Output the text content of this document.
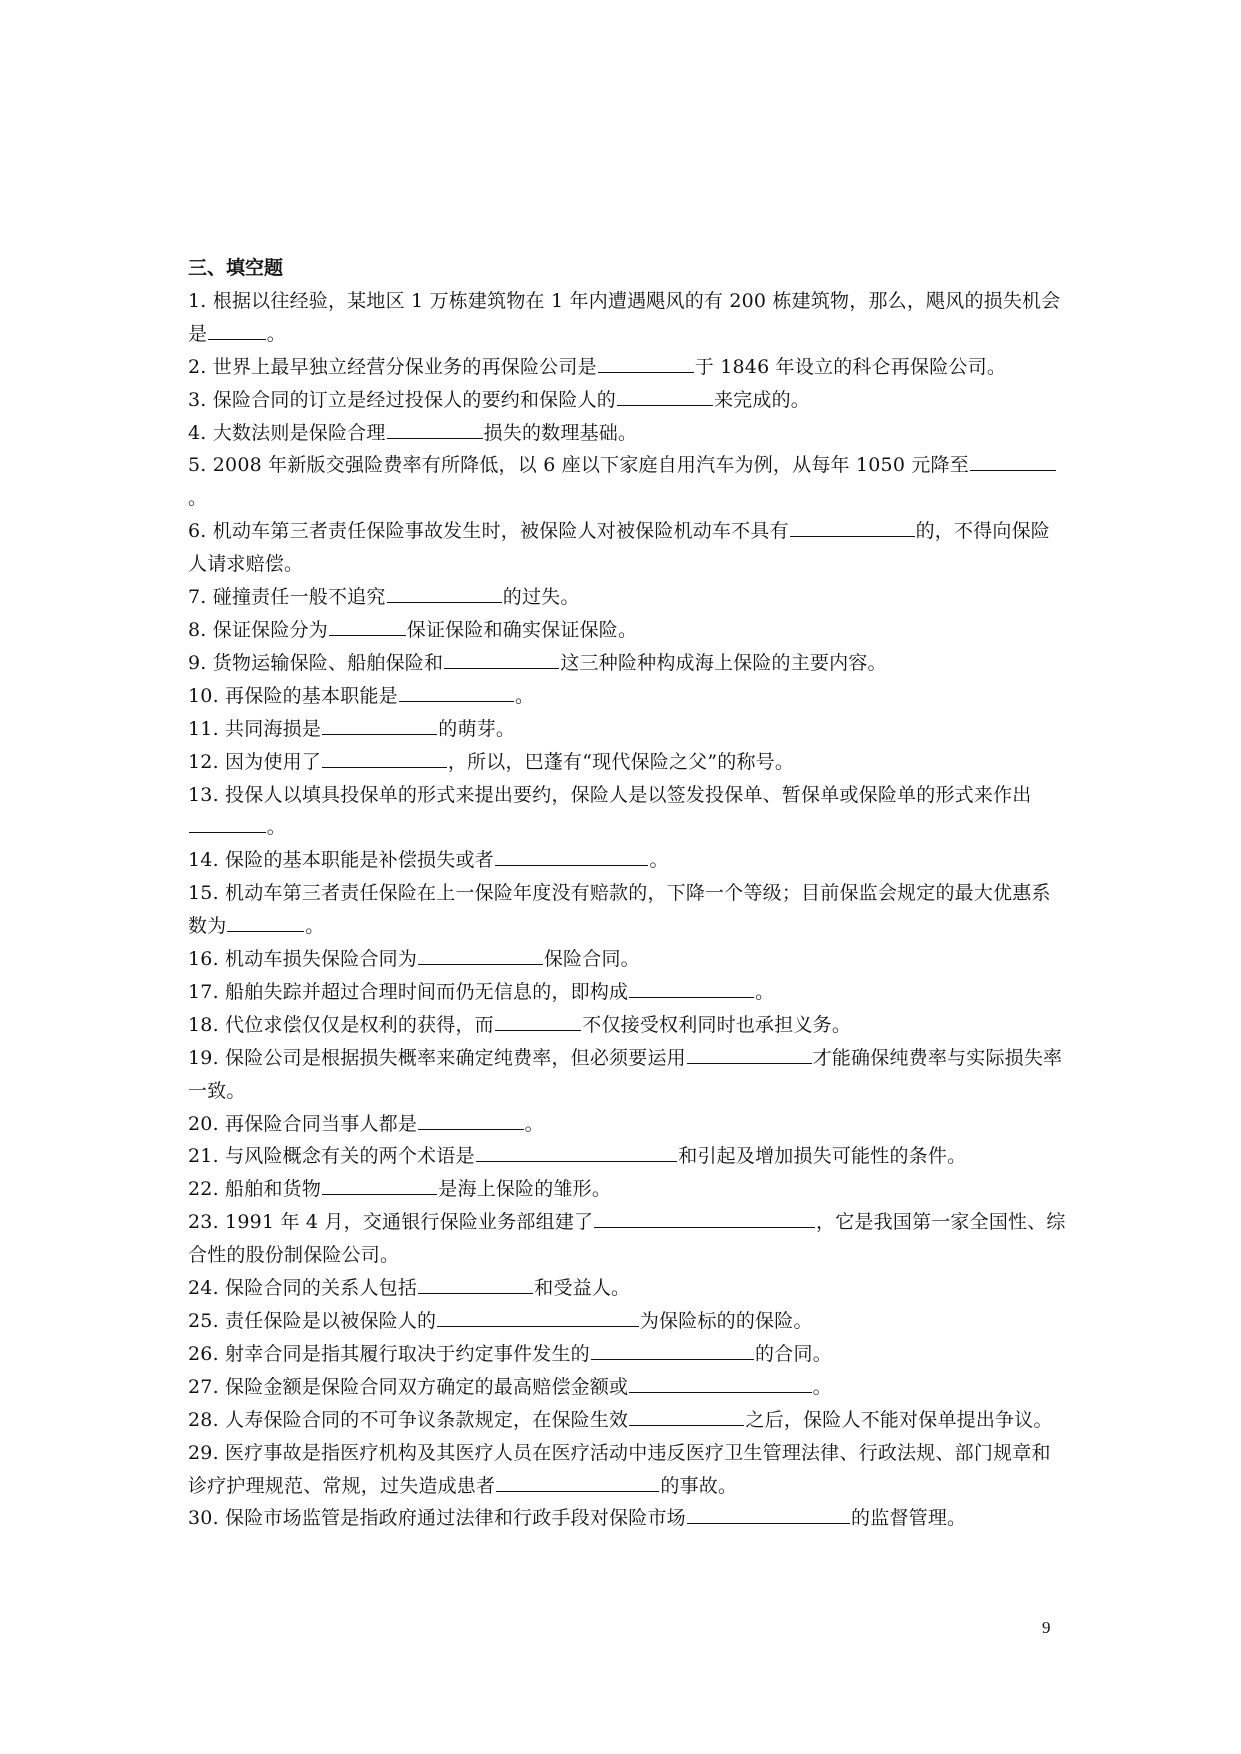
三、填空题

1. 根据以往经验，某地区 1 万栋建筑物在 1 年内遭遇飓风的有 200 栋建筑物，那么，飓风的损失机会是	。

2. 世界上最早独立经营分保业务的再保险公司是	于 1846 年设立的科仑再保险公司。

3. 保险合同的订立是经过投保人的要约和保险人的	来完成的。

4. 大数法则是保险合理	损失的数理基础。

5. 2008 年新版交强险费率有所降低，以 6 座以下家庭自用汽车为例，从每年 1050 元降至。

6. 机动车第三者责任保险事故发生时，被保险人对被保险机动车不具有	的，不得向保险人请求赔偿。

7. 碰撞责任一般不追究	的过失。

8. 保证保险分为	保证保险和确实保证保险。

9. 货物运输保险、船舶保险和	这三种险种构成海上保险的主要内容。

10. 再保险的基本职能是	。

11. 共同海损是	的萌芽。

12. 因为使用了	，所以，巴蓬有“现代保险之父”的称号。

13. 投保人以填具投保单的形式来提出要约，保险人是以签发投保单、暂保单或保险单的形式来作出。

14. 保险的基本职能是补偿损失或者	。

15. 机动车第三者责任保险在上一保险年度没有赔款的，下降一个等级；目前保监会规定的最大优惠系数为	。

16. 机动车损失保险合同为	保险合同。

17. 船舶失踪并超过合理时间而仍无信息的，即构成	。

18. 代位求偿仅仅是权利的获得，而	不仅接受权利同时也承担义务。

19. 保险公司是根据损失概率来确定纯费率，但必须要运用	才能确保纯费率与实际损失率一致。

20. 再保险合同当事人都是	。

21. 与风险概念有关的两个术语是	和引起及增加损失可能性的条件。

22. 船舶和货物	是海上保险的雏形。

23. 1991 年 4 月，交通银行保险业务部组建了	，它是我国第一家全国性、综合性的股份制保险公司。

24. 保险合同的关系人包括	和受益人。

25. 责任保险是以被保险人的	为保险标的的保险。

26. 射幸合同是指其履行取决于约定事件发生的	的合同。

27. 保险金额是保险合同双方确定的最高赔偿金额或	。

28. 人寿保险合同的不可争议条款规定，在保险生效	之后，保险人不能对保单提出争议。

29. 医疗事故是指医疗机构及其医疗人员在医疗活动中违反医疗卫生管理法律、行政法规、部门规章和诊疗护理规范、常规，过失造成患者	的事故。

30. 保险市场监管是指政府通过法律和行政手段对保险市场	的监督管理。

9
